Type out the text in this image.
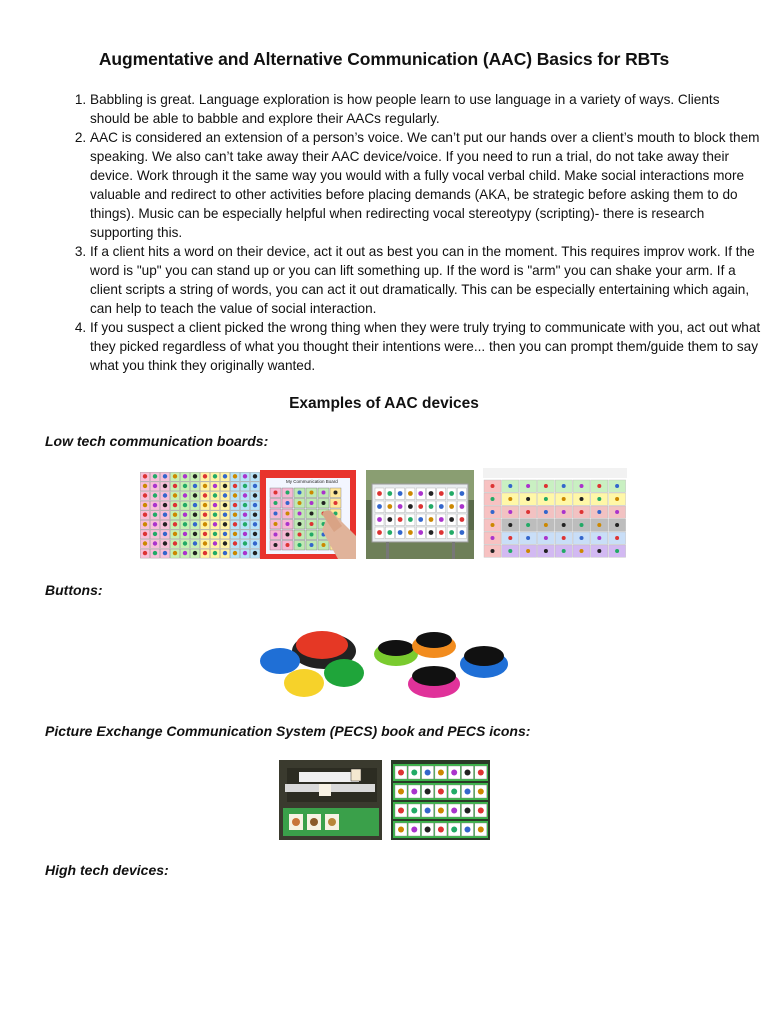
Augmentative and Alternative Communication (AAC) Basics for RBTs
1. Babbling is great. Language exploration is how people learn to use language in a variety of ways. Clients should be able to babble and explore their AACs regularly.
2. AAC is considered an extension of a person’s voice. We can’t put our hands over a client’s mouth to block them speaking. We also can’t take away their AAC device/voice. If you need to run a trial, do not take away their device. Work through it the same way you would with a fully vocal verbal child. Make social interactions more valuable and redirect to other activities before placing demands (AKA, be strategic before asking them to do things). Music can be especially helpful when redirecting vocal stereotypy (scripting)- there is research supporting this.
3. If a client hits a word on their device, act it out as best you can in the moment. This requires improv work. If the word is "up" you can stand up or you can lift something up. If the word is "arm" you can shake your arm. If a client scripts a string of words, you can act it out dramatically. This can be especially entertaining which again, can help to teach the value of social interaction.
4. If you suspect a client picked the wrong thing when they were truly trying to communicate with you, act out what they picked regardless of what you thought their intentions were... then you can prompt them/guide them to say what you think they originally wanted.
Examples of AAC devices

Low tech communication boards:

My Communication Board

Buttons:

Picture Exchange Communication System (PECS) book and PECS icons:

High tech devices:
